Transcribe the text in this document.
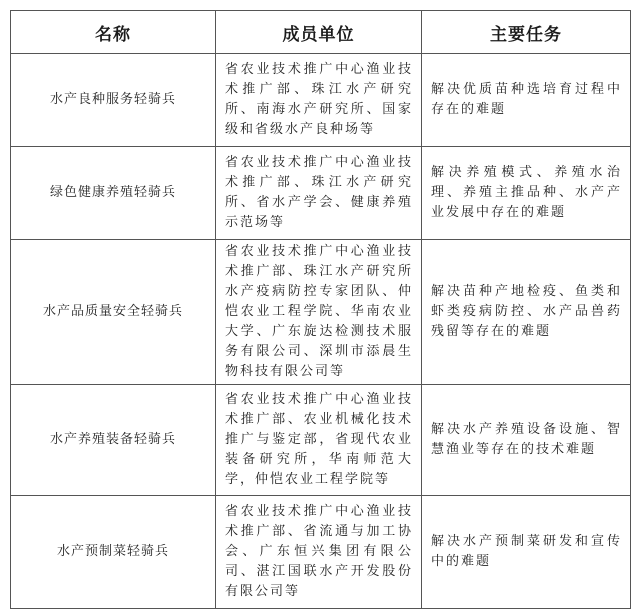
名称	成员单位	主要任务
水产良种服务轻骑兵	省农业技术推广中心渔业技术推广部、珠江水产研究所、南海水产研究所、国家级和省级水产良种场等	解决优质苗种选培育过程中存在的难题
绿色健康养殖轻骑兵	省农业技术推广中心渔业技术推广部、珠江水产研究所、省水产学会、健康养殖示范场等	解决养殖模式、养殖水治理、养殖主推品种、水产产业发展中存在的难题
水产品质量安全轻骑兵	省农业技术推广中心渔业技术推广部、珠江水产研究所水产疫病防控专家团队、仲恺农业工程学院、华南农业大学、广东旋达检测技术服务有限公司、深圳市添晨生物科技有限公司等	解决苗种产地检疫、鱼类和虾类疫病防控、水产品兽药残留等存在的难题
水产养殖装备轻骑兵	省农业技术推广中心渔业技术推广部、农业机械化技术推广与鉴定部，省现代农业装备研究所，华南师范大学，仲恺农业工程学院等	解决水产养殖设备设施、智慧渔业等存在的技术难题
水产预制菜轻骑兵	省农业技术推广中心渔业技术推广部、省流通与加工协会、广东恒兴集团有限公司、湛江国联水产开发股份有限公司等	解决水产预制菜研发和宣传中的难题
